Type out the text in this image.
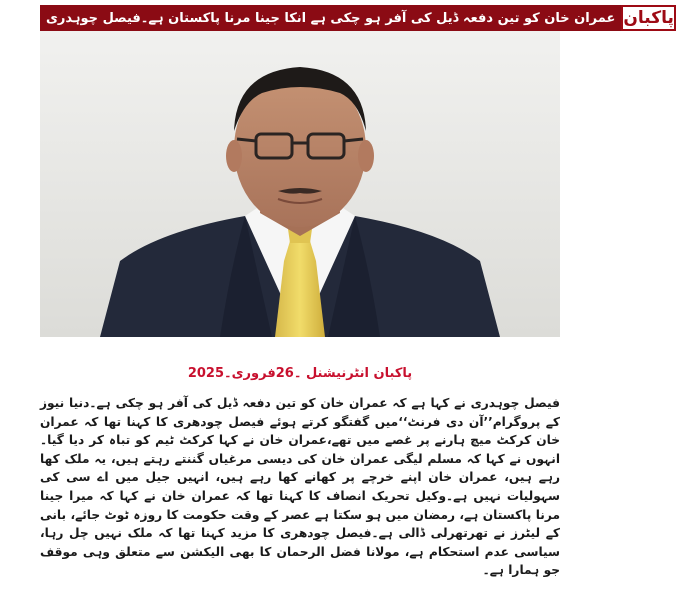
عمران خان کو تین دفعہ ڈیل کی آفر ہو چکی ہے انکا جینا مرنا پاکستان ہے۔فیصل چوہدری پاکبان
پاکبان انٹرنیشنل ۔26فروری۔2025
فیصل چوہدری نے کہا ہے کہ عمران خان کو تین دفعہ ڈیل کی آفر ہو چکی ہے۔دنیا نیوز کے پروگرام’’آن دی فرنٹ‘‘میں گفتگو کرتے ہوئے فیصل چودھری کا کہنا تھا کہ عمران خان کرکٹ میچ ہارنے پر غصے میں تھے،عمران خان نے کہا کرکٹ ٹیم کو تباہ کر دیا گیا۔انہوں نے کہا کہ مسلم لیگی عمران خان کی دیسی مرغیاں گننتے رہتے ہیں، یہ ملک کھا رہے ہیں، عمران خان اپنے خرچے پر کھانے کھا رہے ہیں، انہیں جیل میں اے سی کی سہولیات نہیں ہے۔وکیل تحریک انصاف کا کہنا تھا کہ عمران خان نے کہا کہ میرا جینا مرنا پاکستان ہے، رمضان میں ہو سکتا ہے عصر کے وقت حکومت کا روزہ ٹوٹ جائے، بانی کے لیٹرز نے تھرتھرلی ڈالی ہے۔فیصل چودھری کا مزید کہنا تھا کہ ملک نہیں چل رہا، سیاسی عدم استحکام ہے، مولانا فضل الرحمان کا بھی الیکشن سے متعلق وہی موقف جو ہمارا ہے۔
